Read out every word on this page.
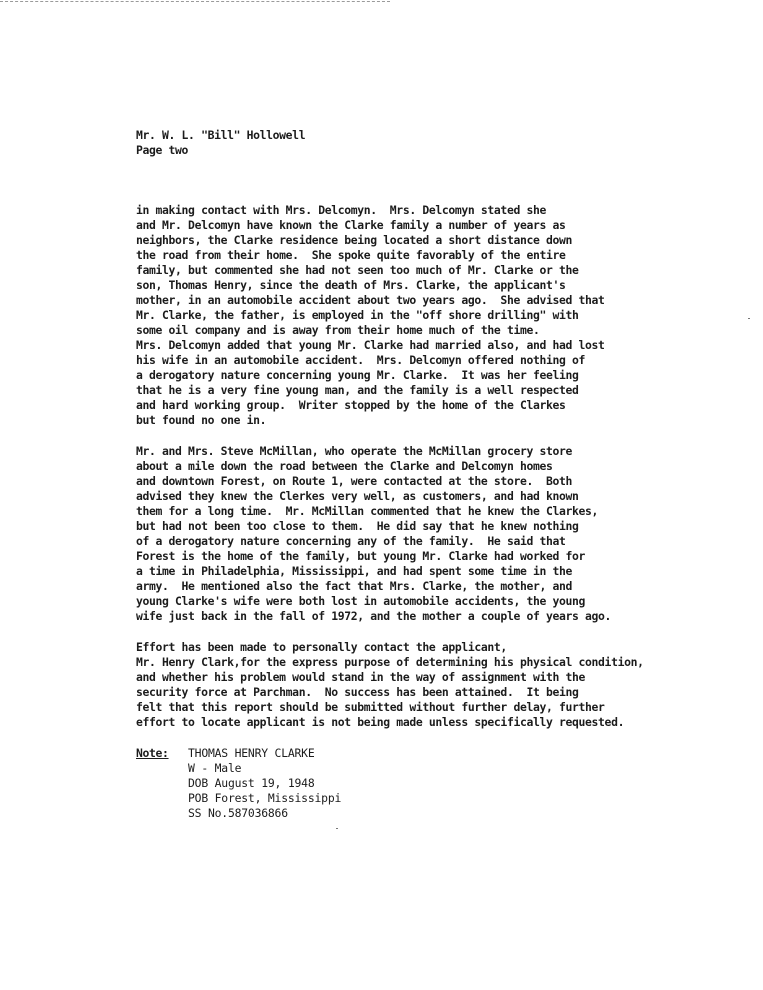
Mr. W. L. "Bill" Hollowell
Page two
in making contact with Mrs. Delcomyn.  Mrs. Delcomyn stated she
and Mr. Delcomyn have known the Clarke family a number of years as
neighbors, the Clarke residence being located a short distance down
the road from their home.  She spoke quite favorably of the entire
family, but commented she had not seen too much of Mr. Clarke or the
son, Thomas Henry, since the death of Mrs. Clarke, the applicant's
mother, in an automobile accident about two years ago.  She advised that
Mr. Clarke, the father, is employed in the "off shore drilling" with
some oil company and is away from their home much of the time.
Mrs. Delcomyn added that young Mr. Clarke had married also, and had lost
his wife in an automobile accident.  Mrs. Delcomyn offered nothing of
a derogatory nature concerning young Mr. Clarke.  It was her feeling
that he is a very fine young man, and the family is a well respected
and hard working group.  Writer stopped by the home of the Clarkes
but found no one in.
Mr. and Mrs. Steve McMillan, who operate the McMillan grocery store
about a mile down the road between the Clarke and Delcomyn homes
and downtown Forest, on Route 1, were contacted at the store.  Both
advised they knew the Clerkes very well, as customers, and had known
them for a long time.  Mr. McMillan commented that he knew the Clarkes,
but had not been too close to them.  He did say that he knew nothing
of a derogatory nature concerning any of the family.  He said that
Forest is the home of the family, but young Mr. Clarke had worked for
a time in Philadelphia, Mississippi, and had spent some time in the
army.  He mentioned also the fact that Mrs. Clarke, the mother, and
young Clarke's wife were both lost in automobile accidents, the young
wife just back in the fall of 1972, and the mother a couple of years ago.
Effort has been made to personally contact the applicant,
Mr. Henry Clark,for the express purpose of determining his physical condition,
and whether his problem would stand in the way of assignment with the
security force at Parchman.  No success has been attained.  It being
felt that this report should be submitted without further delay, further
effort to locate applicant is not being made unless specifically requested.
Note:	THOMAS HENRY CLARKE
W - Male
DOB August 19, 1948
POB Forest, Mississippi
SS No.587036866
